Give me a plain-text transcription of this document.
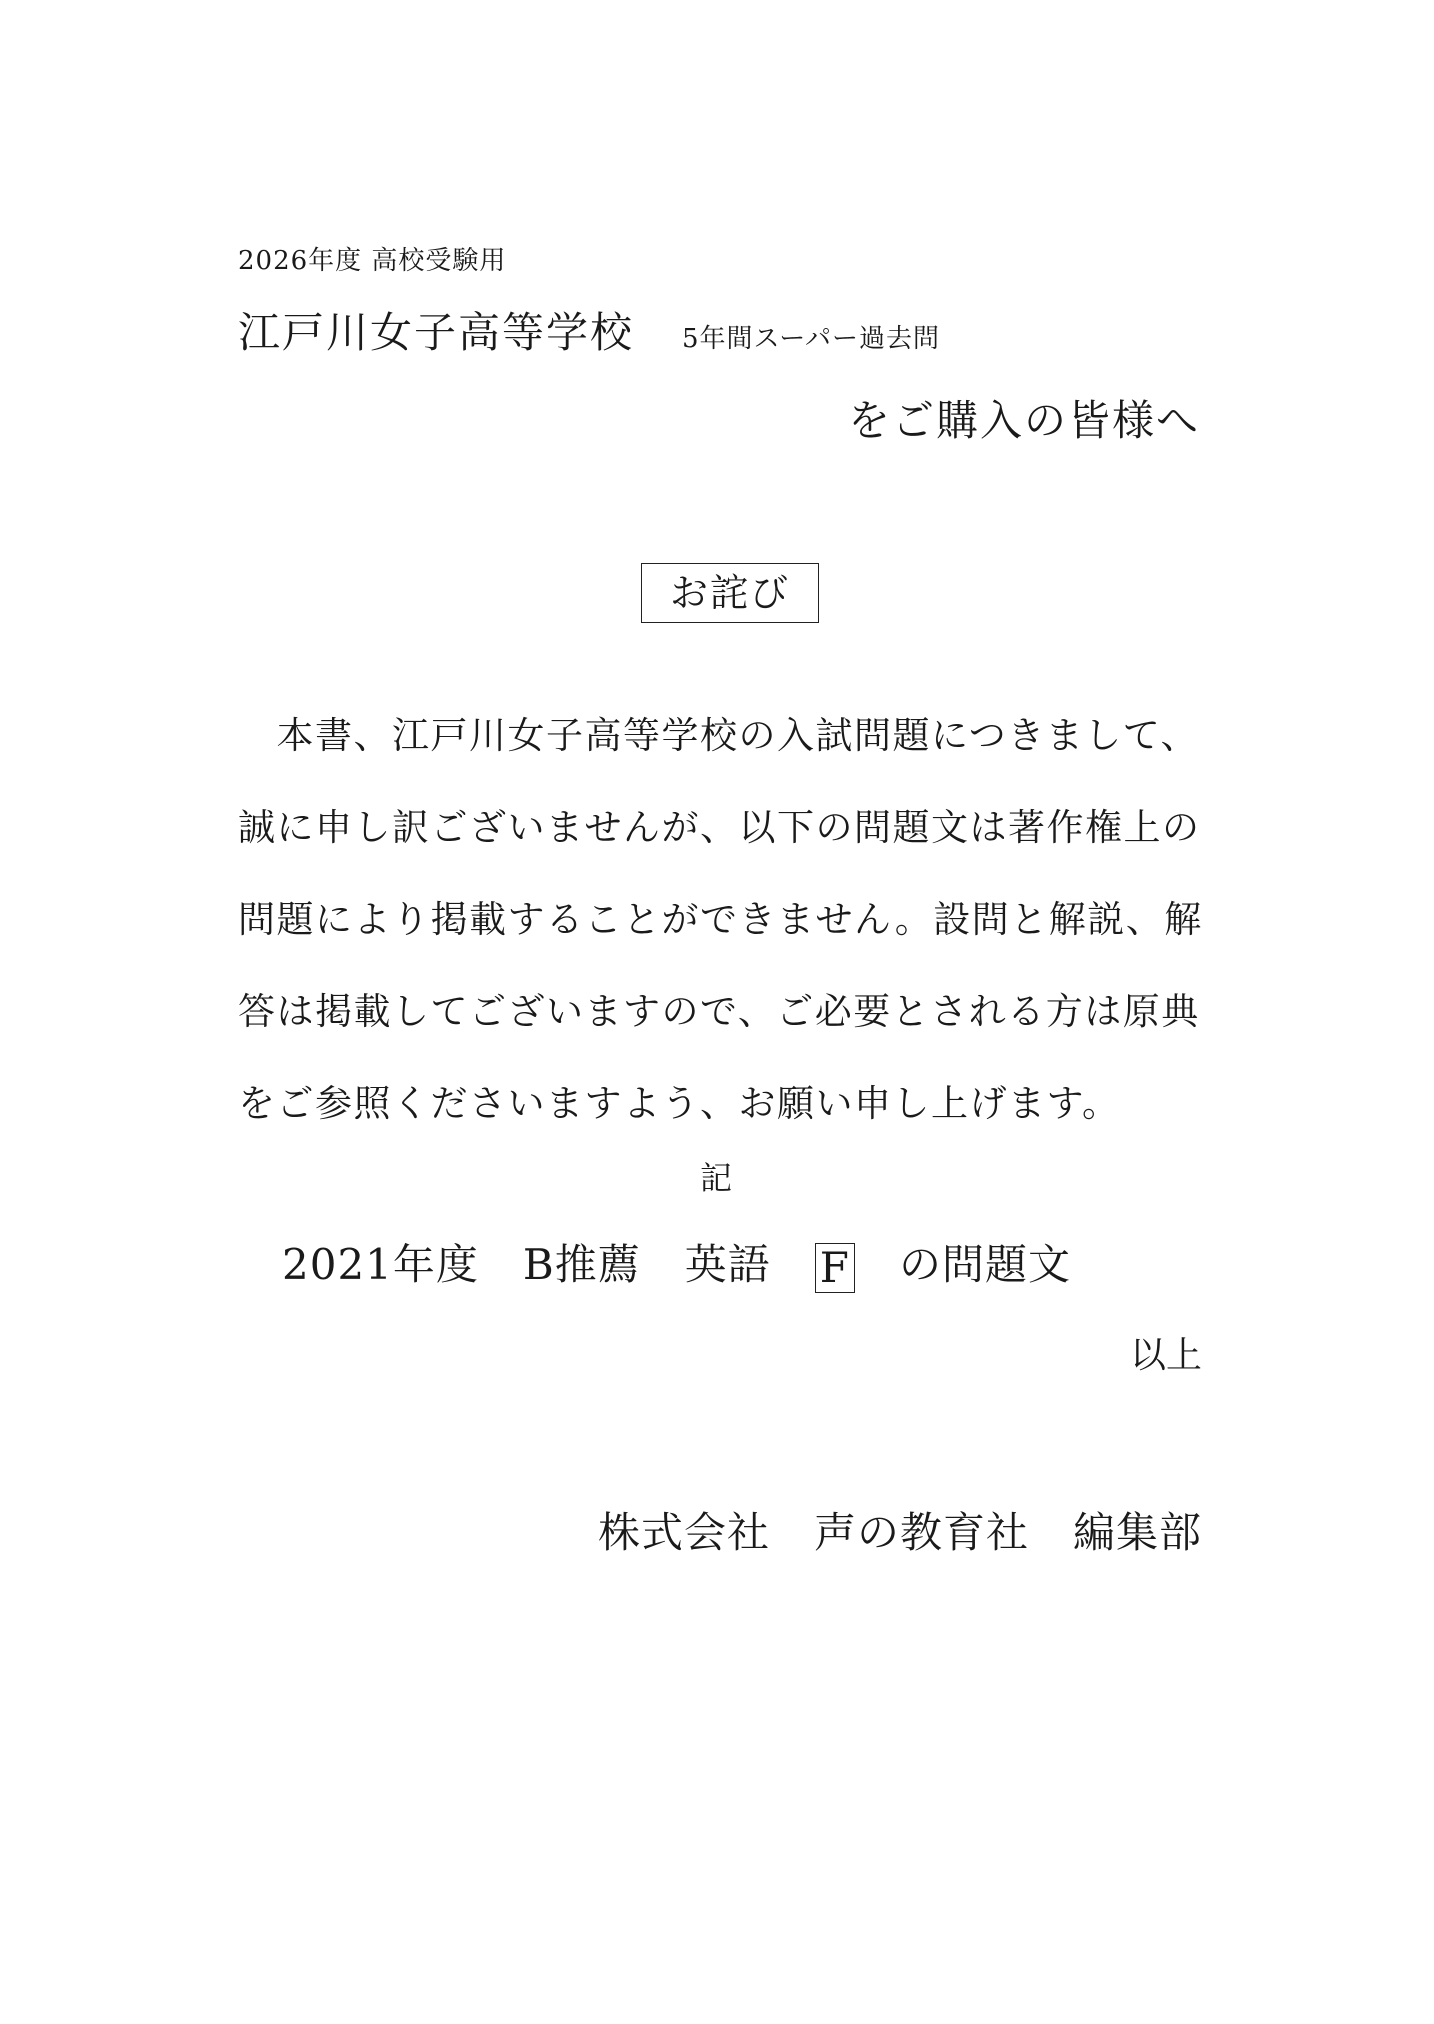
2026年度 高校受験用
江戸川女子高等学校 5年間スーパー過去問
をご購入の皆様へ
お詫び
　本書、江戸川女子高等学校の入試問題につきまして、
誠に申し訳ございませんが、以下の問題文は著作権上の
問題により掲載することができません。設問と解説、解
答は掲載してございますので、ご必要とされる方は原典
をご参照くださいますよう、お願い申し上げます。
記
2021年度 B推薦 英語 F の問題文
以上
株式会社 声の教育社 編集部
